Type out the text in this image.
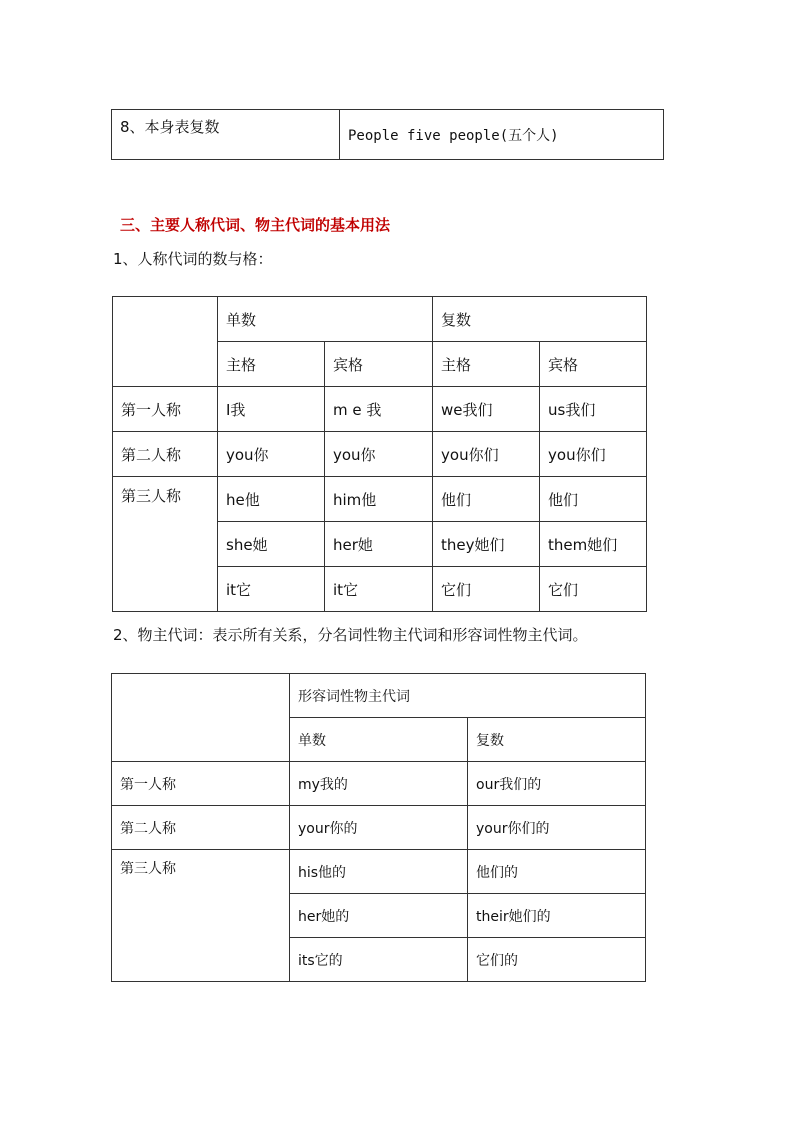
8、本身表复数	People five people(五个人)
三、主要人称代词、物主代词的基本用法
1、人称代词的数与格：
	单数		复数	
	主格	宾格	主格	宾格
第一人称	I我	m e 我	we我们	us我们
第二人称	you你	you你	you你们	you你们
第三人称	he他	him他	他们	他们
	she她	her她	they她们	them她们
	it它	it它	它们	它们
2、物主代词：表示所有关系，分名词性物主代词和形容词性物主代词。
	形容词性物主代词	
	单数	复数
第一人称	my我的	our我们的
第二人称	your你的	your你们的
第三人称	his他的	他们的
	her她的	their她们的
	its它的	它们的
